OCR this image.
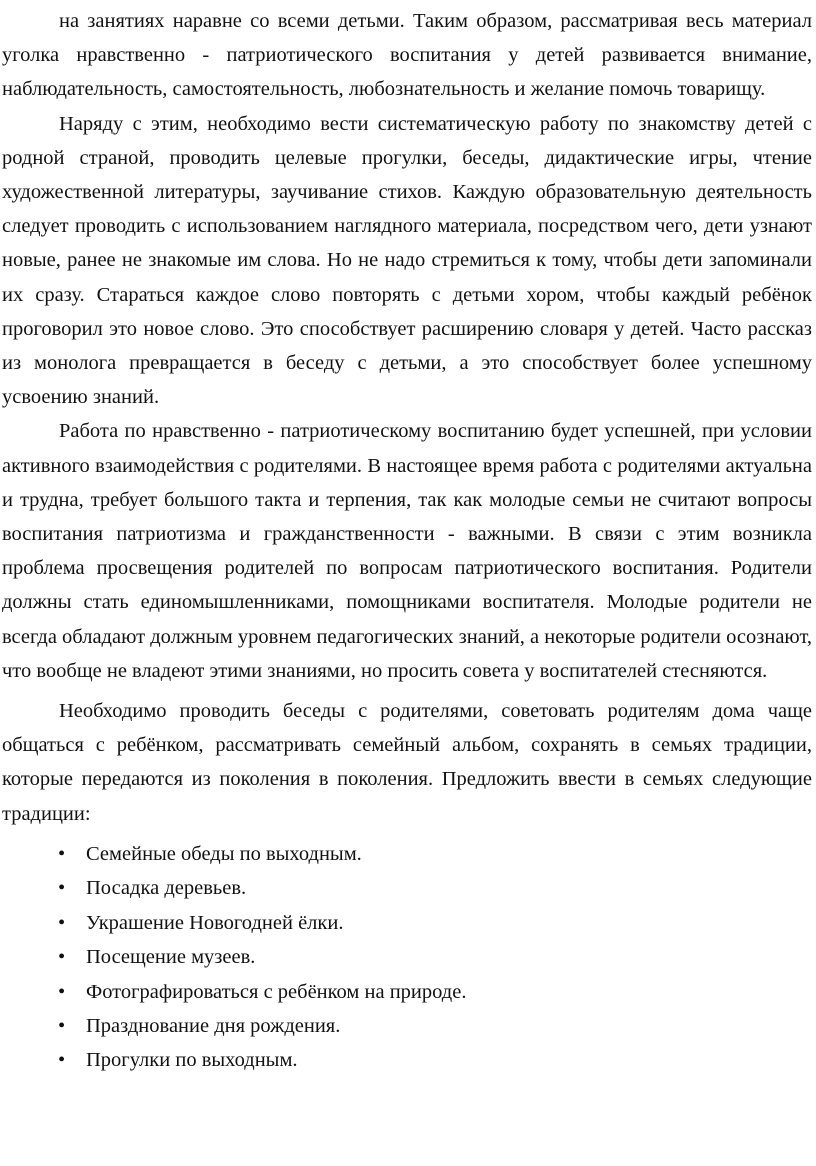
на занятиях наравне со всеми детьми. Таким образом, рассматривая весь материал уголка нравственно - патриотического воспитания у детей развивается внимание, наблюдательность, самостоятельность, любознательность и желание помочь товарищу.

Наряду с этим, необходимо вести систематическую работу по знакомству детей с родной страной, проводить целевые прогулки, беседы, дидактические игры, чтение художественной литературы, заучивание стихов. Каждую образовательную деятельность следует проводить с использованием наглядного материала, посредством чего, дети узнают новые, ранее не знакомые им слова. Но не надо стремиться к тому, чтобы дети запоминали их сразу. Стараться каждое слово повторять с детьми хором, чтобы каждый ребёнок проговорил это новое слово. Это способствует расширению словаря у детей. Часто рассказ из монолога превращается в беседу с детьми, а это способствует более успешному усвоению знаний.

Работа по нравственно - патриотическому воспитанию будет успешней, при условии активного взаимодействия с родителями. В настоящее время работа с родителями актуальна и трудна, требует большого такта и терпения, так как молодые семьи не считают вопросы воспитания патриотизма и гражданственности - важными. В связи с этим возникла проблема просвещения родителей по вопросам патриотического воспитания. Родители должны стать единомышленниками, помощниками воспитателя. Молодые родители не всегда обладают должным уровнем педагогических знаний, а некоторые родители осознают, что вообще не владеют этими знаниями, но просить совета у воспитателей стесняются.

Необходимо проводить беседы с родителями, советовать родителям дома чаще общаться с ребёнком, рассматривать семейный альбом, сохранять в семьях традиции, которые передаются из поколения в поколения. Предложить ввести в семьях следующие традиции:

• Семейные обеды по выходным.
• Посадка деревьев.
• Украшение Новогодней ёлки.
• Посещение музеев.
• Фотографироваться с ребёнком на природе.
• Празднование дня рождения.
• Прогулки по выходным.
